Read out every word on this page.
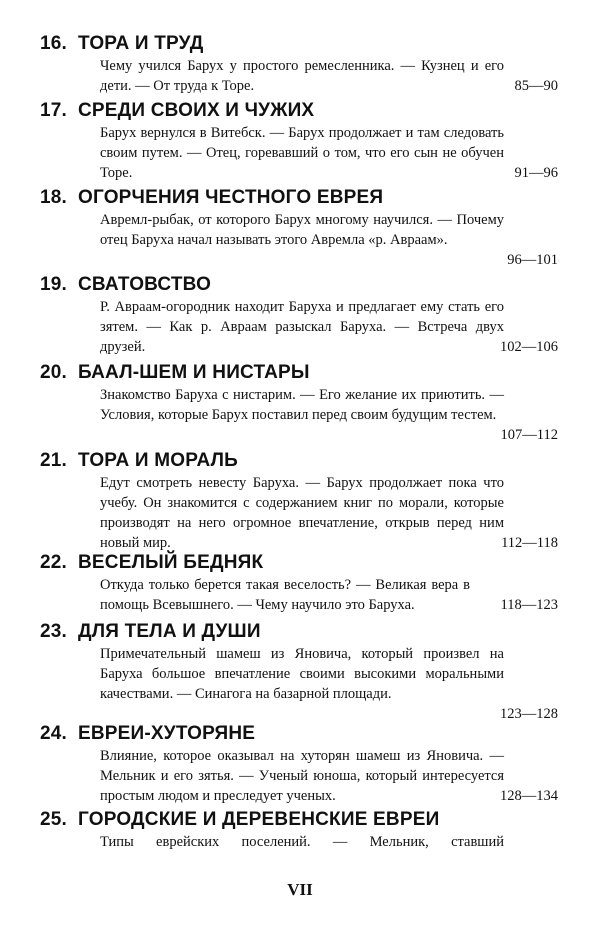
16. ТОРА И ТРУД
Чему учился Барух у простого ремесленника. — Кузнец и его дети. — От труда к Торе.	85—90
17. СРЕДИ СВОИХ И ЧУЖИХ
Барух вернулся в Витебск. — Барух продолжает и там следовать своим путем. — Отец, горевавший о том, что его сын не обучен Торе.	91—96
18. ОГОРЧЕНИЯ ЧЕСТНОГО ЕВРЕЯ
Авремл-рыбак, от которого Барух многому научился. — Почему отец Баруха начал называть этого Авремла «р. Авраам».
96—101
19. СВАТОВСТВО
Р. Авраам-огородник находит Баруха и предлагает ему стать его зятем. — Как р. Авраам разыскал Баруха. — Встреча двух друзей.	102—106
20. БААЛ-ШЕМ И НИСТАРЫ
Знакомство Баруха с нистарим. — Его желание их приютить. — Условия, которые Барух поставил перед своим будущим тестем.
107—112
21. ТОРА И МОРАЛЬ
Едут смотреть невесту Баруха. — Барух продолжает пока что учебу. Он знакомится с содержанием книг по морали, которые производят на него огромное впечатление, открыв перед ним новый мир.	112—118
22. ВЕСЕЛЫЙ БЕДНЯК
Откуда только берется такая веселость? — Великая вера в помощь Всевышнего. — Чему научило это Баруха.	118—123
23. ДЛЯ ТЕЛА И ДУШИ
Примечательный шамеш из Яновича, который произвел на Баруха большое впечатление своими высокими моральными качествами. — Синагога на базарной площади.
123—128
24. ЕВРЕИ-ХУТОРЯНЕ
Влияние, которое оказывал на хуторян шамеш из Яновича. — Мельник и его зятья. — Ученый юноша, который интересуется простым людом и преследует ученых.	128—134
25. ГОРОДСКИЕ И ДЕРЕВЕНСКИЕ ЕВРЕИ
Типы еврейских поселений. — Мельник, ставший
VII
